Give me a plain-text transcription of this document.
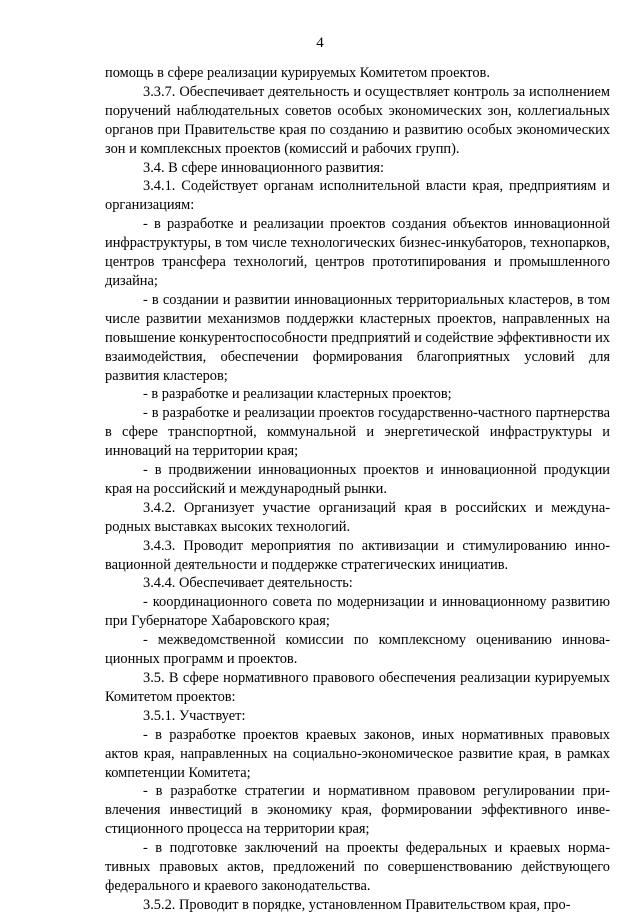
4

помощь в сфере реализации курируемых Комитетом проектов.

3.3.7. Обеспечивает деятельность и осуществляет контроль за исполнением поручений наблюдательных советов особых экономических зон, коллегиальных органов при Правительстве края по созданию и развитию особых экономических зон и комплексных проектов (комиссий и рабочих групп).

3.4. В сфере инновационного развития:

3.4.1. Содействует органам исполнительной власти края, предприятиям и организациям:

- в разработке и реализации проектов создания объектов инновационной инфраструктуры, в том числе технологических бизнес-инкубаторов, технопарков, центров трансфера технологий, центров прототипирования и промышленного дизайна;

- в создании и развитии инновационных территориальных кластеров, в том числе развитии механизмов поддержки кластерных проектов, направленных на повышение конкурентоспособности предприятий и содействие эффективности их взаимодействия, обеспечении формирования благоприятных условий для развития кластеров;

- в разработке и реализации кластерных проектов;

- в разработке и реализации проектов государственно-частного партнерства в сфере транспортной, коммунальной и энергетической инфраструктуры и инноваций на территории края;

- в продвижении инновационных проектов и инновационной продукции края на российский и международный рынки.

3.4.2. Организует участие организаций края в российских и международных выставках высоких технологий.

3.4.3. Проводит мероприятия по активизации и стимулированию инновационной деятельности и поддержке стратегических инициатив.

3.4.4. Обеспечивает деятельность:

- координационного совета по модернизации и инновационному развитию при Губернаторе Хабаровского края;

- межведомственной комиссии по комплексному оцениванию инновационных программ и проектов.

3.5. В сфере нормативного правового обеспечения реализации курируемых Комитетом проектов:

3.5.1. Участвует:

- в разработке проектов краевых законов, иных нормативных правовых актов края, направленных на социально-экономическое развитие края, в рамках компетенции Комитета;

- в разработке стратегии и нормативном правовом регулировании привлечения инвестиций в экономику края, формировании эффективного инвестиционного процесса на территории края;

- в подготовке заключений на проекты федеральных и краевых нормативных правовых актов, предложений по совершенствованию действующего федерального и краевого законодательства.

3.5.2. Проводит в порядке, установленном Правительством края, про-
